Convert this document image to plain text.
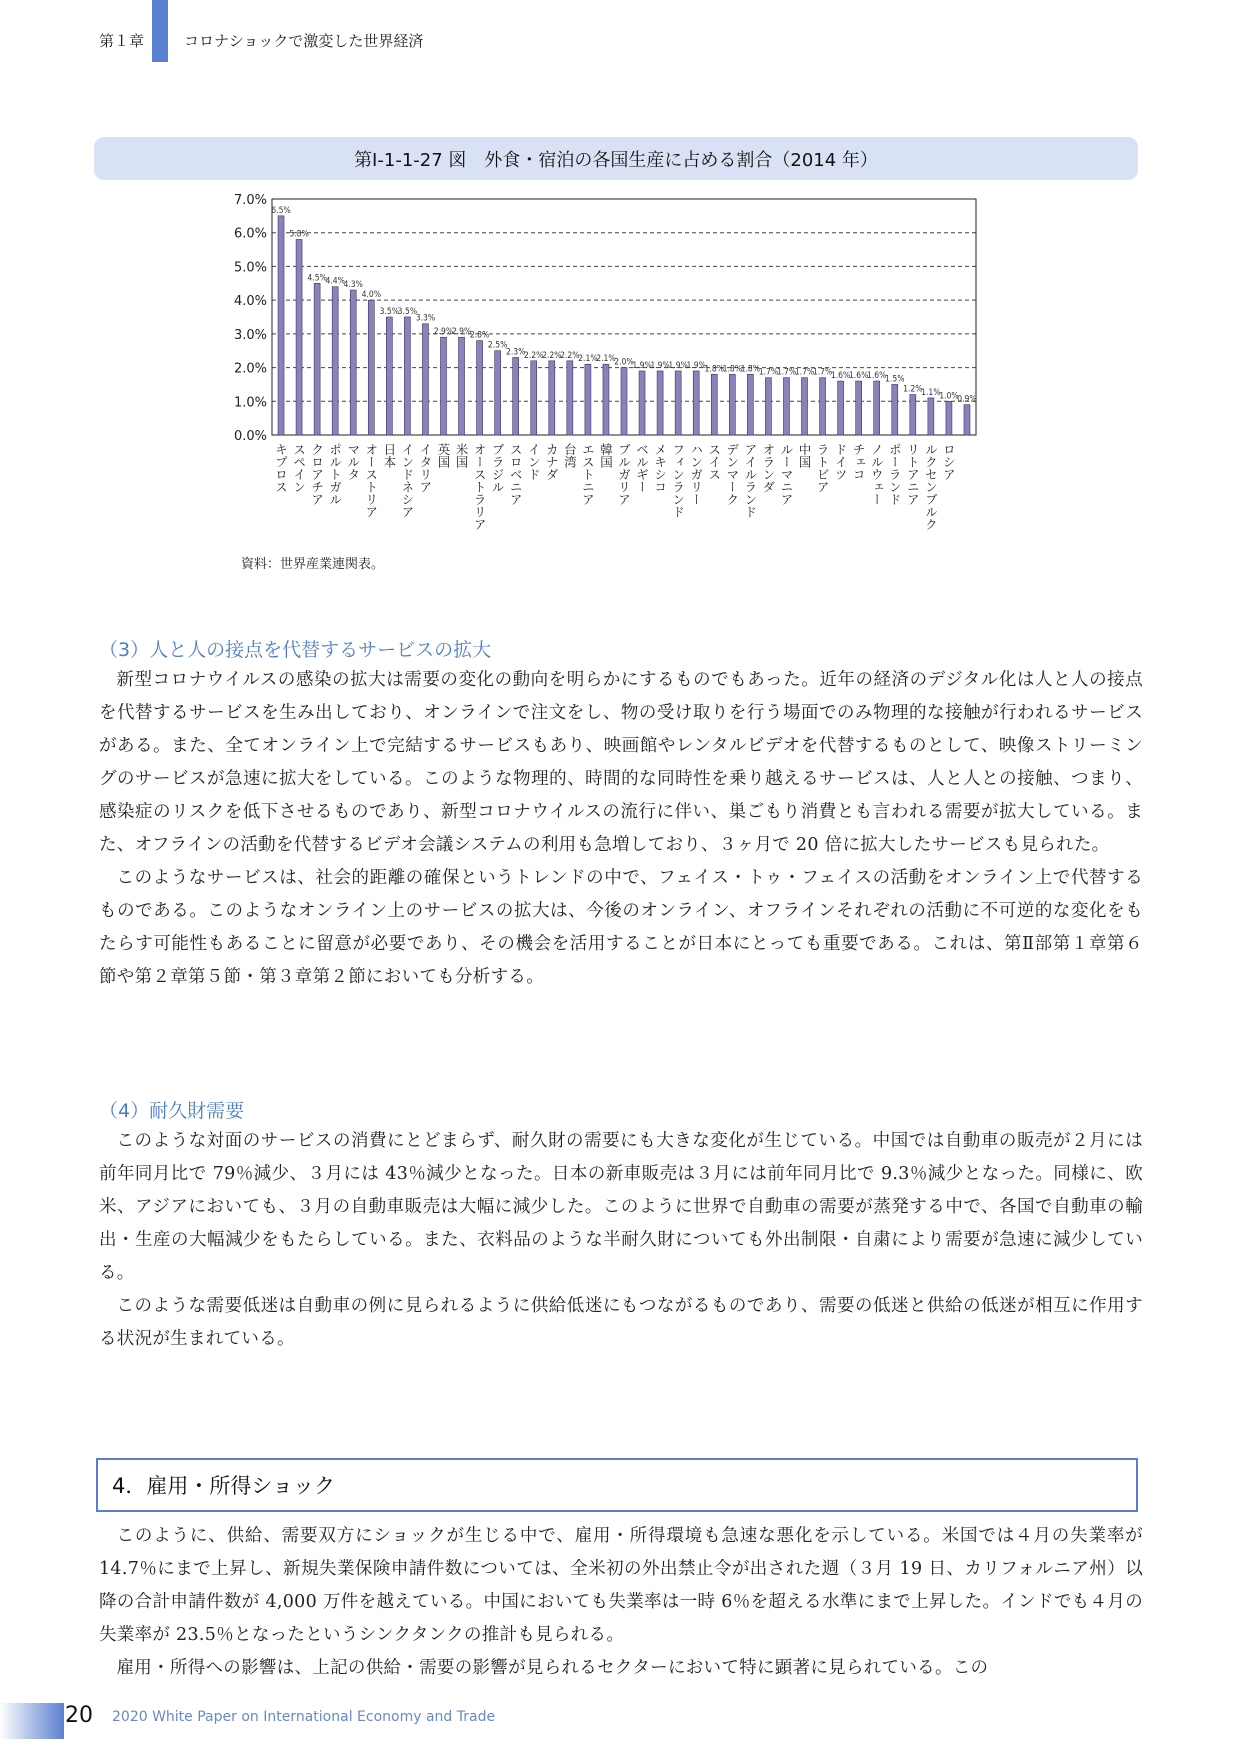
第１章	コロナショックで激変した世界経済
第Ⅰ-1-1-27 図　外食・宿泊の各国生産に占める割合（2014 年）
0.0%
1.0%
2.0%
3.0%
4.0%
5.0%
6.0%
7.0%
6.5%
キプロス
5.8%
スペイン
4.5%
クロアチア
4.4%
ポルトガル
4.3%
マルタ
4.0%
オーストリア
3.5%
日本
3.5%
インドネシア
3.3%
イタリア
2.9%
英国
2.9%
米国
2.8%
オーストラリア
2.5%
ブラジル
2.3%
スロベニア
2.2%
インド
2.2%
カナダ
2.2%
台湾
2.1%
エストニア
2.1%
韓国
2.0%
ブルガリア
1.9%
ベルギー
1.9%
メキシコ
1.9%
フィンランド
1.9%
ハンガリー
1.8%
スイス
1.8%
デンマーク
1.8%
アイルランド
1.7%
オランダ
1.7%
ルーマニア
1.7%
中国
1.7%
ラトビア
1.6%
ドイツ
1.6%
チェコ
1.6%
ノルウェー
1.5%
ポーランド
1.2%
リトアニア
1.1%
ルクセンブルク
1.0%
ロシア
0.9%
資料：世界産業連関表。
（3）人と人の接点を代替するサービスの拡大

新型コロナウイルスの感染の拡大は需要の変化の動向を明らかにするものでもあった。近年の経済のデジタル化は人と人の接点を代替するサービスを生み出しており、オンラインで注文をし、物の受け取りを行う場面でのみ物理的な接触が行われるサービスがある。また、全てオンライン上で完結するサービスもあり、映画館やレンタルビデオを代替するものとして、映像ストリーミングのサービスが急速に拡大をしている。このような物理的、時間的な同時性を乗り越えるサービスは、人と人との接触、つまり、感染症のリスクを低下させるものであり、新型コロナウイルスの流行に伴い、巣ごもり消費とも言われる需要が拡大している。また、オフラインの活動を代替するビデオ会議システムの利用も急増しており、３ヶ月で 20 倍に拡大したサービスも見られた。

このようなサービスは、社会的距離の確保というトレンドの中で、フェイス・トゥ・フェイスの活動をオンライン上で代替するものである。このようなオンライン上のサービスの拡大は、今後のオンライン、オフラインそれぞれの活動に不可逆的な変化をもたらす可能性もあることに留意が必要であり、その機会を活用することが日本にとっても重要である。これは、第Ⅱ部第１章第６節や第２章第５節・第３章第２節においても分析する。

（4）耐久財需要

このような対面のサービスの消費にとどまらず、耐久財の需要にも大きな変化が生じている。中国では自動車の販売が２月には前年同月比で 79％減少、３月には 43％減少となった。日本の新車販売は３月には前年同月比で 9.3％減少となった。同様に、欧米、アジアにおいても、３月の自動車販売は大幅に減少した。このように世界で自動車の需要が蒸発する中で、各国で自動車の輸出・生産の大幅減少をもたらしている。また、衣料品のような半耐久財についても外出制限・自粛により需要が急速に減少している。

このような需要低迷は自動車の例に見られるように供給低迷にもつながるものであり、需要の低迷と供給の低迷が相互に作用する状況が生まれている。

4．雇用・所得ショック

このように、供給、需要双方にショックが生じる中で、雇用・所得環境も急速な悪化を示している。米国では４月の失業率が 14.7％にまで上昇し、新規失業保険申請件数については、全米初の外出禁止令が出された週（３月 19 日、カリフォルニア州）以降の合計申請件数が 4,000 万件を越えている。中国においても失業率は一時 6％を超える水準にまで上昇した。インドでも４月の失業率が 23.5％となったというシンクタンクの推計も見られる。

雇用・所得への影響は、上記の供給・需要の影響が見られるセクターにおいて特に顕著に見られている。この

20 2020 White Paper on International Economy and Trade
